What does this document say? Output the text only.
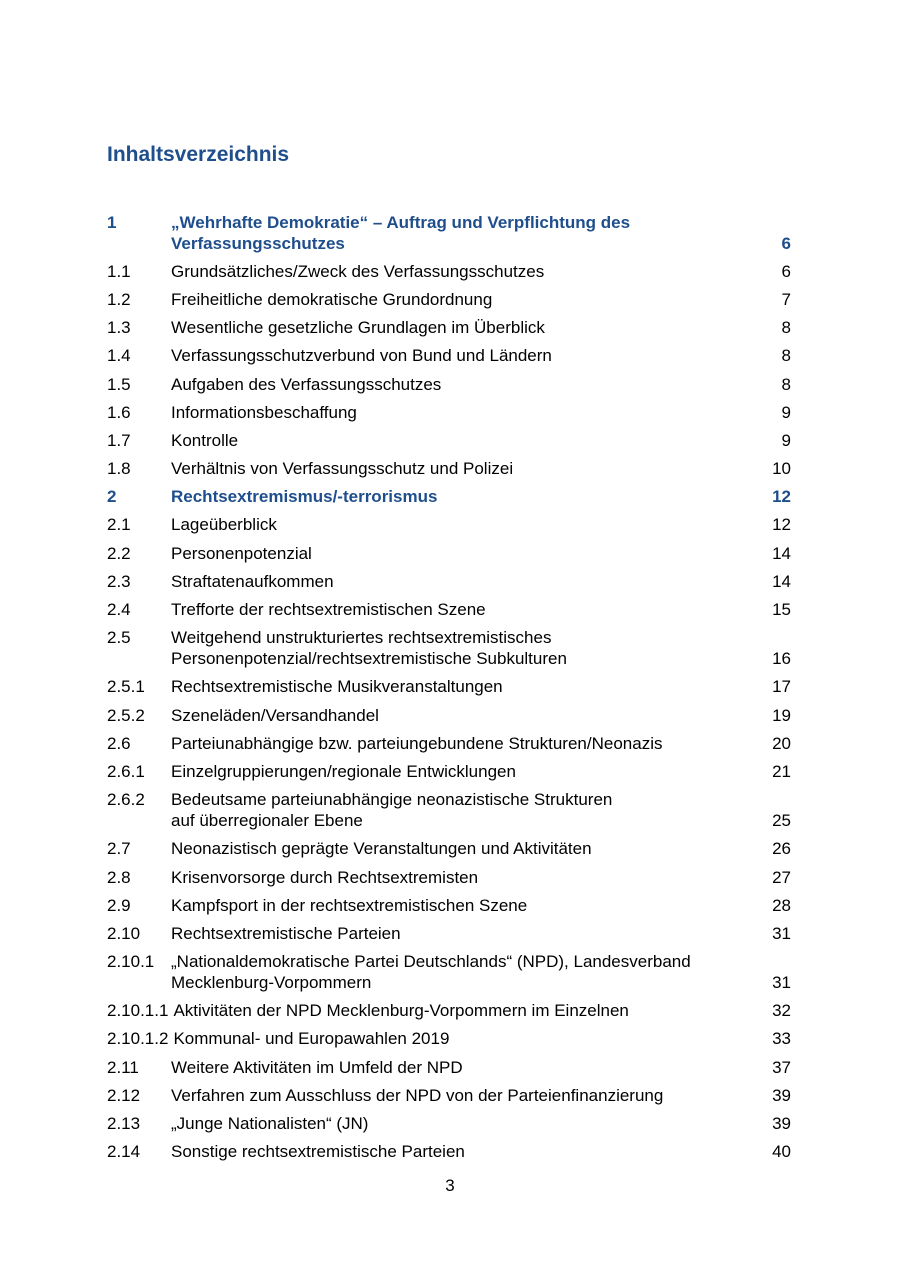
Inhaltsverzeichnis
1	„Wehrhafte Demokratie“ – Auftrag und Verpflichtung des
Verfassungsschutzes	6
1.1	Grundsätzliches/Zweck des Verfassungsschutzes	6
1.2	Freiheitliche demokratische Grundordnung	7
1.3	Wesentliche gesetzliche Grundlagen im Überblick	8
1.4	Verfassungsschutzverbund von Bund und Ländern	8
1.5	Aufgaben des Verfassungsschutzes	8
1.6	Informationsbeschaffung	9
1.7	Kontrolle	9
1.8	Verhältnis von Verfassungsschutz und Polizei	10
2	Rechtsextremismus/-terrorismus	12
2.1	Lageüberblick	12
2.2	Personenpotenzial	14
2.3	Straftatenaufkommen	14
2.4	Trefforte der rechtsextremistischen Szene	15
2.5	Weitgehend unstrukturiertes rechtsextremistisches
Personenpotenzial/rechtsextremistische Subkulturen	16
2.5.1	Rechtsextremistische Musikveranstaltungen	17
2.5.2	Szeneläden/Versandhandel	19
2.6	Parteiunabhängige bzw. parteiungebundene Strukturen/Neonazis	20
2.6.1	Einzelgruppierungen/regionale Entwicklungen	21
2.6.2	Bedeutsame parteiunabhängige neonazistische Strukturen
auf überregionaler Ebene	25
2.7	Neonazistisch geprägte Veranstaltungen und Aktivitäten	26
2.8	Krisenvorsorge durch Rechtsextremisten	27
2.9	Kampfsport in der rechtsextremistischen Szene	28
2.10	Rechtsextremistische Parteien	31
2.10.1 „Nationaldemokratische Partei Deutschlands“ (NPD), Landesverband
Mecklenburg-Vorpommern	31
2.10.1.1 Aktivitäten der NPD Mecklenburg-Vorpommern im Einzelnen	32
2.10.1.2 Kommunal- und Europawahlen 2019	33
2.11	Weitere Aktivitäten im Umfeld der NPD	37
2.12	Verfahren zum Ausschluss der NPD von der Parteienfinanzierung	39
2.13	„Junge Nationalisten“ (JN)	39
2.14	Sonstige rechtsextremistische Parteien	40
3
